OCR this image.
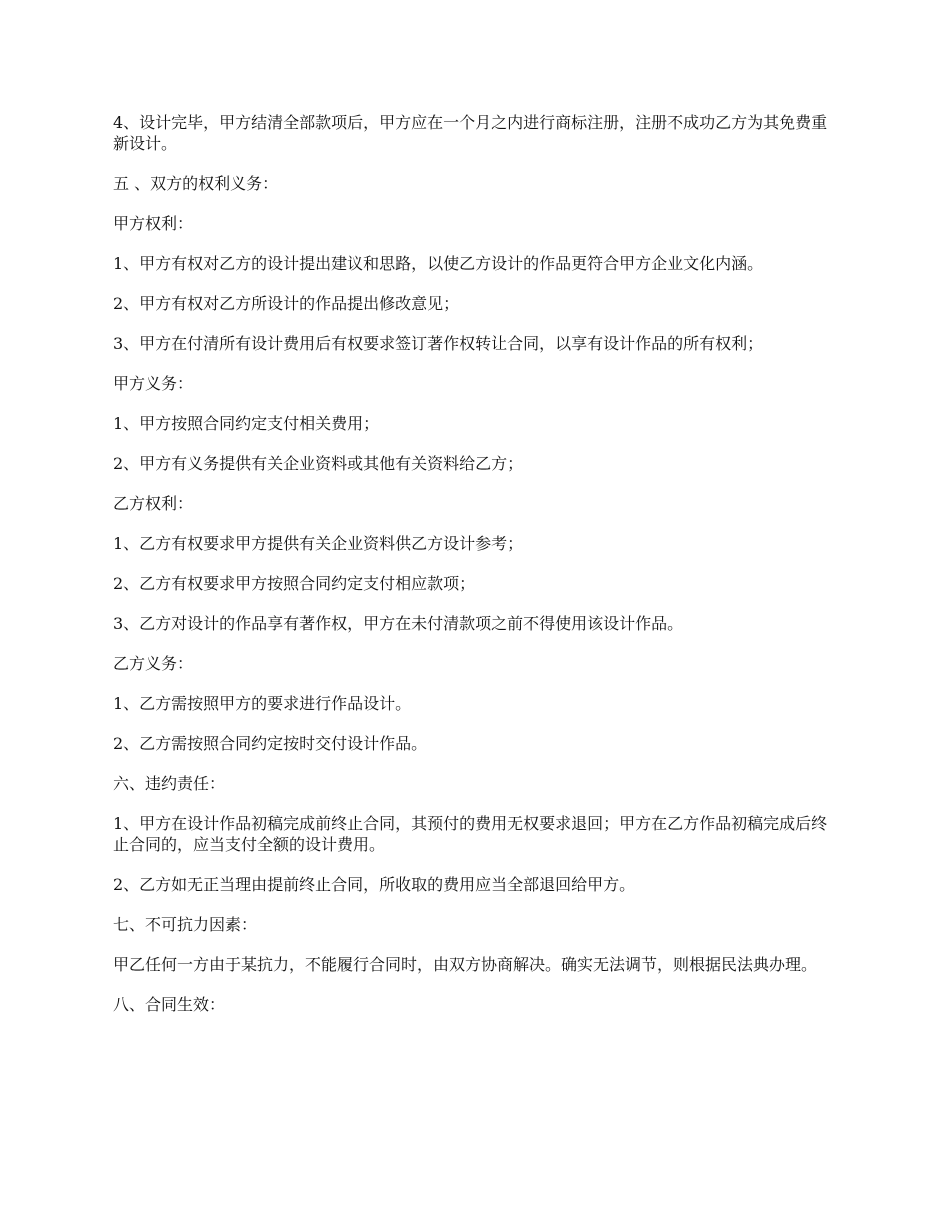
4、设计完毕，甲方结清全部款项后，甲方应在一个月之内进行商标注册，注册不成功乙方为其免费重新设计。

五 、双方的权利义务：

甲方权利：

1、甲方有权对乙方的设计提出建议和思路，以使乙方设计的作品更符合甲方企业文化内涵。

2、甲方有权对乙方所设计的作品提出修改意见；

3、甲方在付清所有设计费用后有权要求签订著作权转让合同，以享有设计作品的所有权利；

甲方义务：

1、甲方按照合同约定支付相关费用；

2、甲方有义务提供有关企业资料或其他有关资料给乙方；

乙方权利：

1、乙方有权要求甲方提供有关企业资料供乙方设计参考；

2、乙方有权要求甲方按照合同约定支付相应款项；

3、乙方对设计的作品享有著作权，甲方在未付清款项之前不得使用该设计作品。

乙方义务：

1、乙方需按照甲方的要求进行作品设计。

2、乙方需按照合同约定按时交付设计作品。

六、违约责任：

1、甲方在设计作品初稿完成前终止合同，其预付的费用无权要求退回；甲方在乙方作品初稿完成后终止合同的，应当支付全额的设计费用。

2、乙方如无正当理由提前终止合同，所收取的费用应当全部退回给甲方。

七、不可抗力因素：

甲乙任何一方由于某抗力，不能履行合同时，由双方协商解决。确实无法调节，则根据民法典办理。

八、合同生效：
